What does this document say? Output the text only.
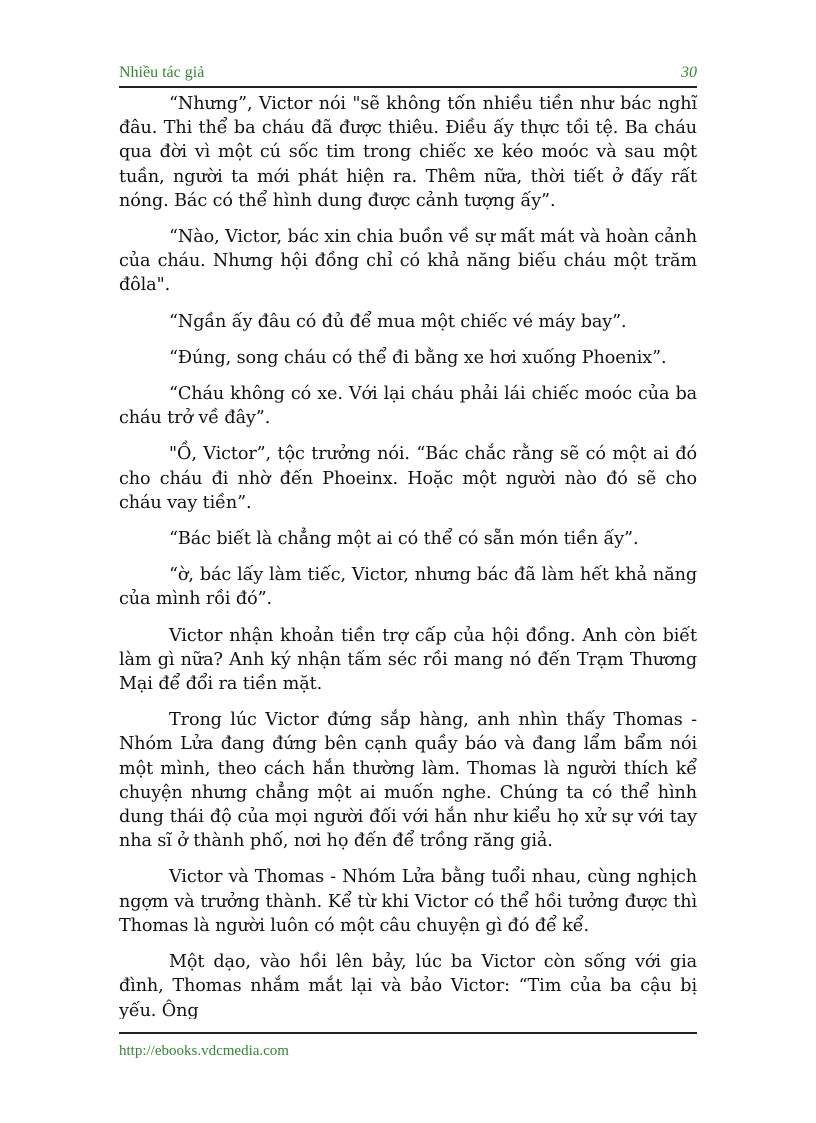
Nhiều tác giả	30

“Nhưng”, Victor nói "sẽ không tốn nhiều tiền như bác nghĩ đâu. Thi thể ba cháu đã được thiêu. Điều ấy thực tồi tệ. Ba cháu qua đời vì một cú sốc tim trong chiếc xe kéo moóc và sau một tuần, người ta mới phát hiện ra. Thêm nữa, thời tiết ở đấy rất nóng. Bác có thể hình dung được cảnh tượng ấy”.

“Nào, Victor, bác xin chia buồn về sự mất mát và hoàn cảnh của cháu. Nhưng hội đồng chỉ có khả năng biếu cháu một trăm đôla".

“Ngần ấy đâu có đủ để mua một chiếc vé máy bay”.

“Đúng, song cháu có thể đi bằng xe hơi xuống Phoenix”.

“Cháu không có xe. Với lại cháu phải lái chiếc moóc của ba cháu trở về đây”.

"Ồ, Victor”, tộc trưởng nói. “Bác chắc rằng sẽ có một ai đó cho cháu đi nhờ đến Phoeinx. Hoặc một người nào đó sẽ cho cháu vay tiền”.

“Bác biết là chẳng một ai có thể có sẵn món tiền ấy”.

“ờ, bác lấy làm tiếc, Victor, nhưng bác đã làm hết khả năng của mình rồi đó”.

Victor nhận khoản tiền trợ cấp của hội đồng. Anh còn biết làm gì nữa? Anh ký nhận tấm séc rồi mang nó đến Trạm Thương Mại để đổi ra tiền mặt.

Trong lúc Victor đứng sắp hàng, anh nhìn thấy Thomas - Nhóm Lửa đang đứng bên cạnh quầy báo và đang lẩm bẩm nói một mình, theo cách hắn thường làm. Thomas là người thích kể chuyện nhưng chẳng một ai muốn nghe. Chúng ta có thể hình dung thái độ của mọi người đối với hắn như kiểu họ xử sự với tay nha sĩ ở thành phố, nơi họ đến để trồng răng giả.

Victor và Thomas - Nhóm Lửa bằng tuổi nhau, cùng nghịch ngợm và trưởng thành. Kể từ khi Victor có thể hồi tưởng được thì Thomas là người luôn có một câu chuyện gì đó để kể.

Một dạo, vào hồi lên bảy, lúc ba Victor còn sống với gia đình, Thomas nhắm mắt lại và bảo Victor: “Tim của ba cậu bị yếu. Ông

http://ebooks.vdcmedia.com
